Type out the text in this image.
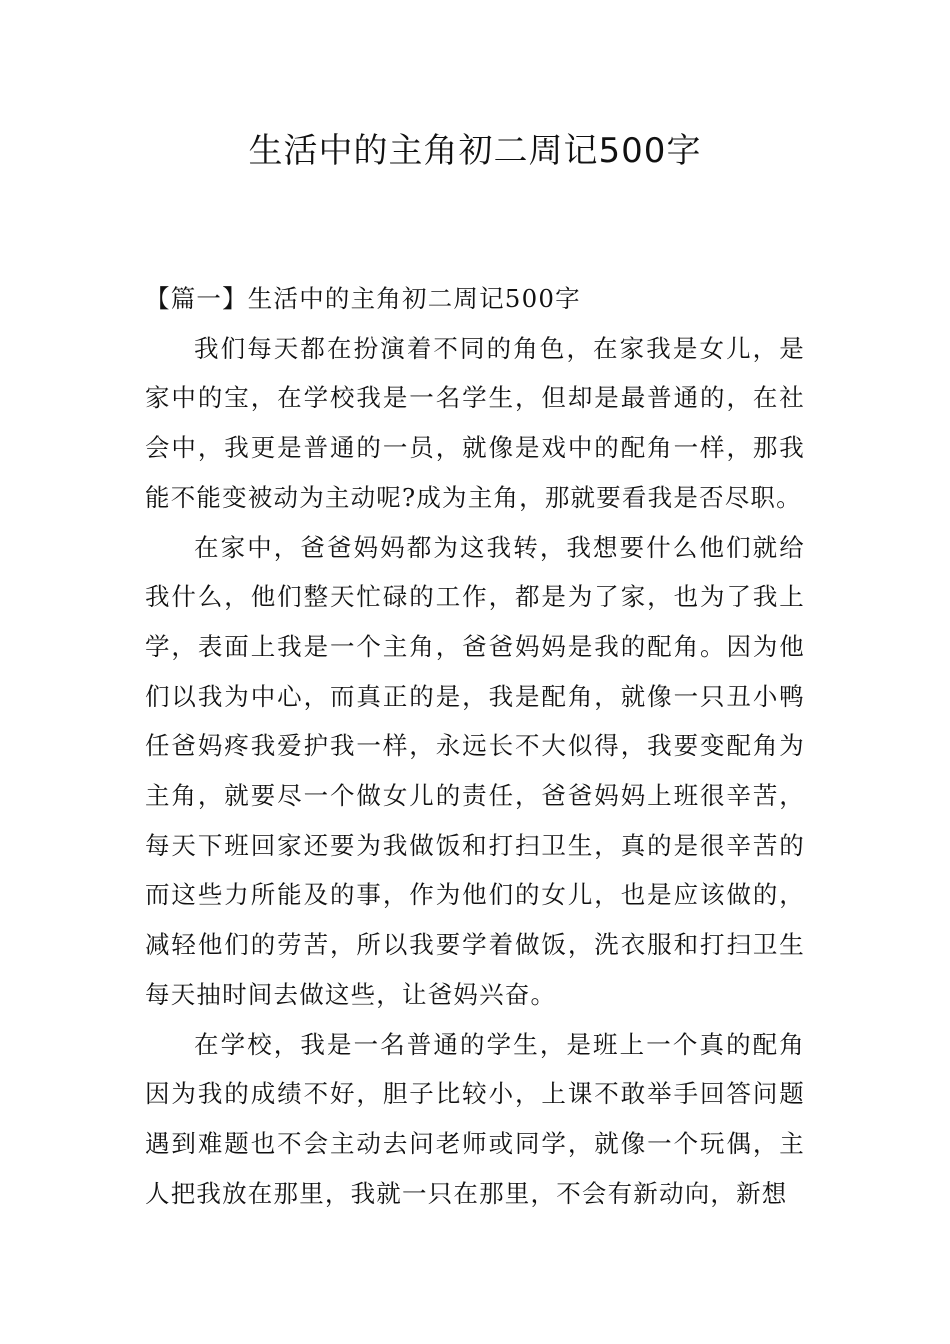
生活中的主角初二周记500字

【篇一】生活中的主角初二周记500字

我们每天都在扮演着不同的角色，在家我是女儿，是家中的宝，在学校我是一名学生，但却是最普通的，在社会中，我更是普通的一员，就像是戏中的配角一样，那我能不能变被动为主动呢?成为主角，那就要看我是否尽职。

在家中，爸爸妈妈都为这我转，我想要什么他们就给我什么，他们整天忙碌的工作，都是为了家，也为了我上学，表面上我是一个主角，爸爸妈妈是我的配角。因为他们以我为中心，而真正的是，我是配角，就像一只丑小鸭任爸妈疼我爱护我一样，永远长不大似得，我要变配角为主角，就要尽一个做女儿的责任，爸爸妈妈上班很辛苦，每天下班回家还要为我做饭和打扫卫生，真的是很辛苦的而这些力所能及的事，作为他们的女儿，也是应该做的，减轻他们的劳苦，所以我要学着做饭，洗衣服和打扫卫生每天抽时间去做这些，让爸妈兴奋。

在学校，我是一名普通的学生，是班上一个真的配角因为我的成绩不好，胆子比较小，上课不敢举手回答问题遇到难题也不会主动去问老师或同学，就像一个玩偶，主人把我放在那里，我就一只在那里，不会有新动向，新想
